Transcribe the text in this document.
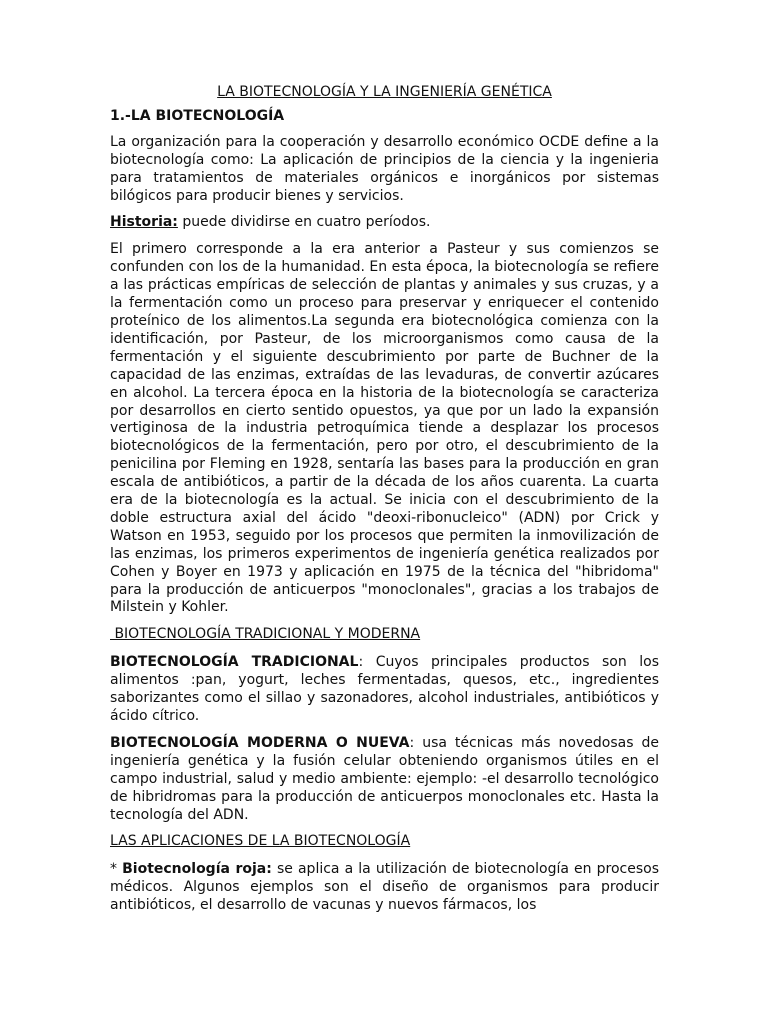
LA BIOTECNOLOGÍA Y LA INGENIERÍA GENÉTICA
1.-LA BIOTECNOLOGÍA

La organización para la cooperación y desarrollo económico OCDE define a la biotecnología como: La aplicación de principios de la ciencia y la ingenieria para tratamientos de materiales orgánicos e inorgánicos por sistemas bilógicos para producir bienes y servicios.

Historia: puede dividirse en cuatro períodos.

El primero corresponde a la era anterior a Pasteur y sus comienzos se confunden con los de la humanidad. En esta época, la biotecnología se refiere a las prácticas empíricas de selección de plantas y animales y sus cruzas, y a la fermentación como un proceso para preservar y enriquecer el contenido proteínico de los alimentos.La segunda era biotecnológica comienza con la identificación, por Pasteur, de los microorganismos como causa de la fermentación y el siguiente descubrimiento por parte de Buchner de la capacidad de las enzimas, extraídas de las levaduras, de convertir azúcares en alcohol. La tercera época en la historia de la biotecnología se caracteriza por desarrollos en cierto sentido opuestos, ya que por un lado la expansión vertiginosa de la industria petroquímica tiende a desplazar los procesos biotecnológicos de la fermentación, pero por otro, el descubrimiento de la penicilina por Fleming en 1928, sentaría las bases para la producción en gran escala de antibióticos, a partir de la década de los años cuarenta. La cuarta era de la biotecnología es la actual. Se inicia con el descubrimiento de la doble estructura axial del ácido "deoxi-ribonucleico" (ADN) por Crick y Watson en 1953, seguido por los procesos que permiten la inmovilización de las enzimas, los primeros experimentos de ingeniería genética realizados por Cohen y Boyer en 1973 y aplicación en 1975 de la técnica del "hibridoma" para la producción de anticuerpos "monoclonales", gracias a los trabajos de Milstein y Kohler.

BIOTECNOLOGÍA TRADICIONAL Y MODERNA

BIOTECNOLOGÍA TRADICIONAL: Cuyos principales productos son los alimentos :pan, yogurt, leches fermentadas, quesos, etc., ingredientes saborizantes como el sillao y sazonadores, alcohol industriales, antibióticos y ácido cítrico.

BIOTECNOLOGÍA MODERNA O NUEVA: usa técnicas más novedosas de ingeniería genética y la fusión celular obteniendo organismos útiles en el campo industrial, salud y medio ambiente: ejemplo: -el desarrollo tecnológico de hibridromas para la producción de anticuerpos monoclonales etc. Hasta la tecnología del ADN.

LAS APLICACIONES DE LA BIOTECNOLOGÍA

* Biotecnología roja: se aplica a la utilización de biotecnología en procesos médicos. Algunos ejemplos son el diseño de organismos para producir antibióticos, el desarrollo de vacunas y nuevos fármacos, los
